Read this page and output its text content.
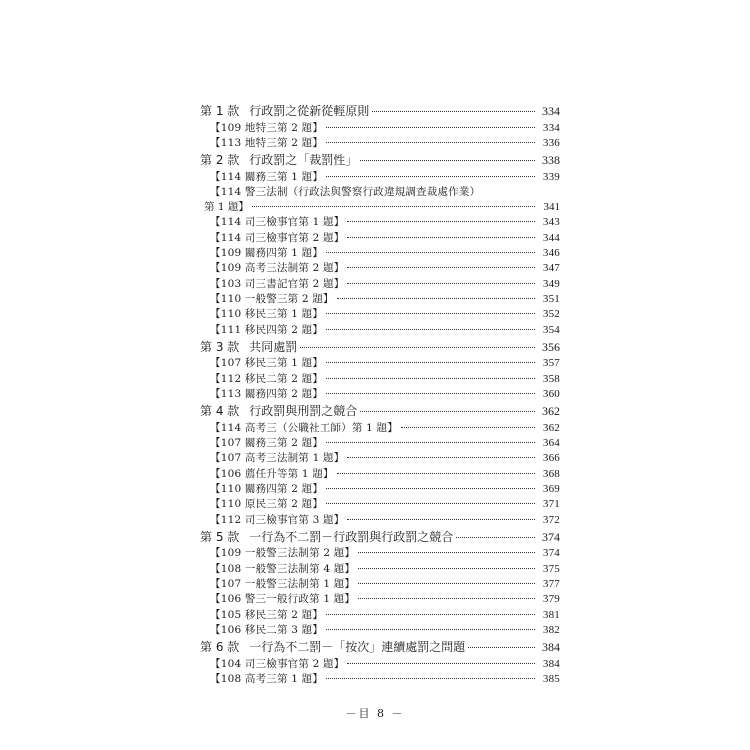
第 1 款 行政罰之從新從輕原則	334
【109 地特三第 2 題】	334
【113 地特三第 2 題】	336
第 2 款 行政罰之「裁罰性」	338
【114 關務三第 1 題】	339
【114 警三法制（行政法與警察行政違規調查裁處作業）
第 1 題】	341
【114 司三檢事官第 1 題】	343
【114 司三檢事官第 2 題】	344
【109 關務四第 1 題】	346
【109 高考三法制第 2 題】	347
【103 司三書記官第 2 題】	349
【110 一般警三第 2 題】	351
【110 移民三第 1 題】	352
【111 移民四第 2 題】	354
第 3 款 共同處罰	356
【107 移民三第 1 題】	357
【112 移民二第 2 題】	358
【113 關務四第 2 題】	360
第 4 款 行政罰與刑罰之競合	362
【114 高考三（公職社工師）第 1 題】	362
【107 關務三第 2 題】	364
【107 高考三法制第 1 題】	366
【106 薦任升等第 1 題】	368
【110 關務四第 2 題】	369
【110 原民三第 2 題】	371
【112 司三檢事官第 3 題】	372
第 5 款 一行為不二罰－行政罰與行政罰之競合	374
【109 一般警三法制第 2 題】	374
【108 一般警三法制第 4 題】	375
【107 一般警三法制第 1 題】	377
【106 警三一般行政第 1 題】	379
【105 移民三第 2 題】	381
【106 移民二第 3 題】	382
第 6 款 一行為不二罰－「按次」連續處罰之問題	384
【104 司三檢事官第 2 題】	384
【108 高考三第 1 題】	385
－目 8 －
